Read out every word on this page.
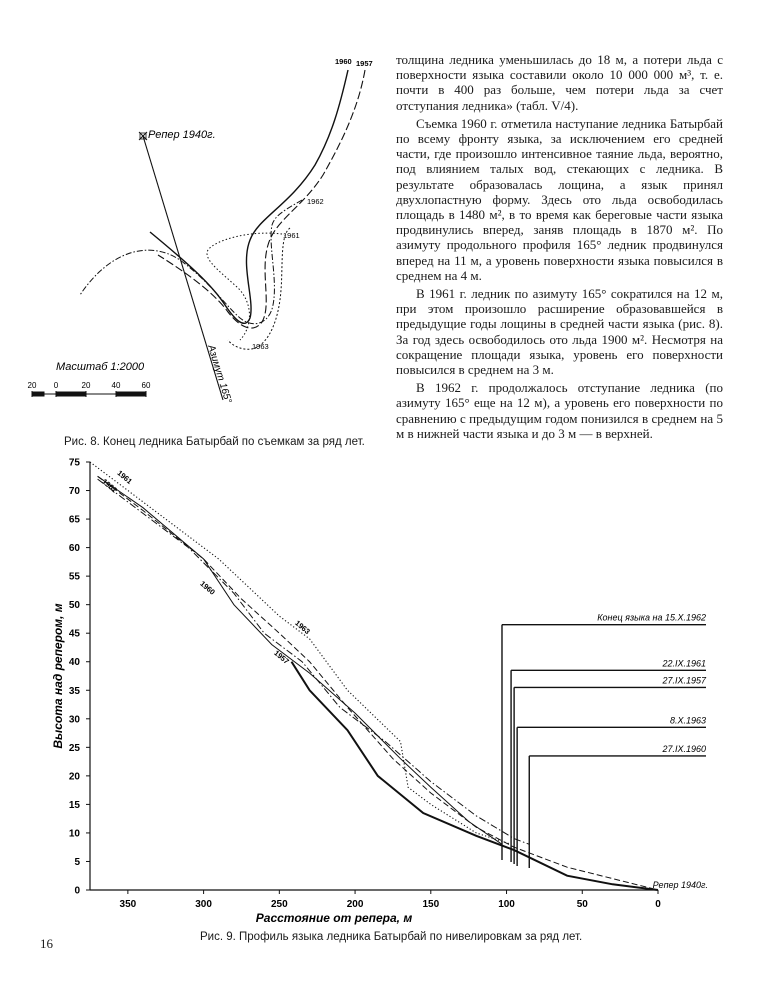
Репер 1940г.
Азимут 165°
1960 1957
1962
1961
1963
Масштаб 1:2000
20 0	20	40	60
Рис. 8. Конец ледника Батырбай по съемкам за ряд лет.

толщина ледника уменьшилась до 18 м, а потери льда с поверхности языка составили около 10 000 000 м³, т. е. почти в 400 раз больше, чем потери льда за счет отступания ледника» (табл. V/4).

Съемка 1960 г. отметила наступание ледника Батырбай по всему фронту языка, за исключением его средней части, где произошло интенсивное таяние льда, вероятно, под влиянием талых вод, стекающих с ледника. В результате образовалась лощина, а язык принял двухлопастную форму. Здесь ото льда освободилась площадь в 1480 м², в то время как береговые части языка продвинулись вперед, заняв площадь в 1870 м². По азимуту продольного профиля 165° ледник продвинулся вперед на 11 м, а уровень поверхности языка повысился в среднем на 4 м.

В 1961 г. ледник по азимуту 165° сократился на 12 м, при этом произошло расширение образовавшейся в предыдущие годы лощины в средней части языка (рис. 8). За год здесь освободилось ото льда 1900 м². Несмотря на сокращение площади языка, уровень его поверхности повысился в среднем на 3 м.

В 1962 г. продолжалось отступание ледника (по азимуту 165° еще на 12 м), а уровень его поверхности по сравнению с предыдущим годом понизился в среднем на 5 м в нижней части языка и до 3 м — в верхней.

0
5
10
15
20
25
30
35
40
45
50
55
60
65
70
75
350	300	250	200	150	100	50	0
Расстояние от репера, м
Высота над репером, м
1962
1961
1960
1963
1957
Конец языка на 15.Х.1962
22.IX.1961
27.IX.1957
8.Х.1963
27.IX.1960
Репер 1940г.
Рис. 9. Профиль языка ледника Батырбай по нивелировкам за ряд лет.
16
